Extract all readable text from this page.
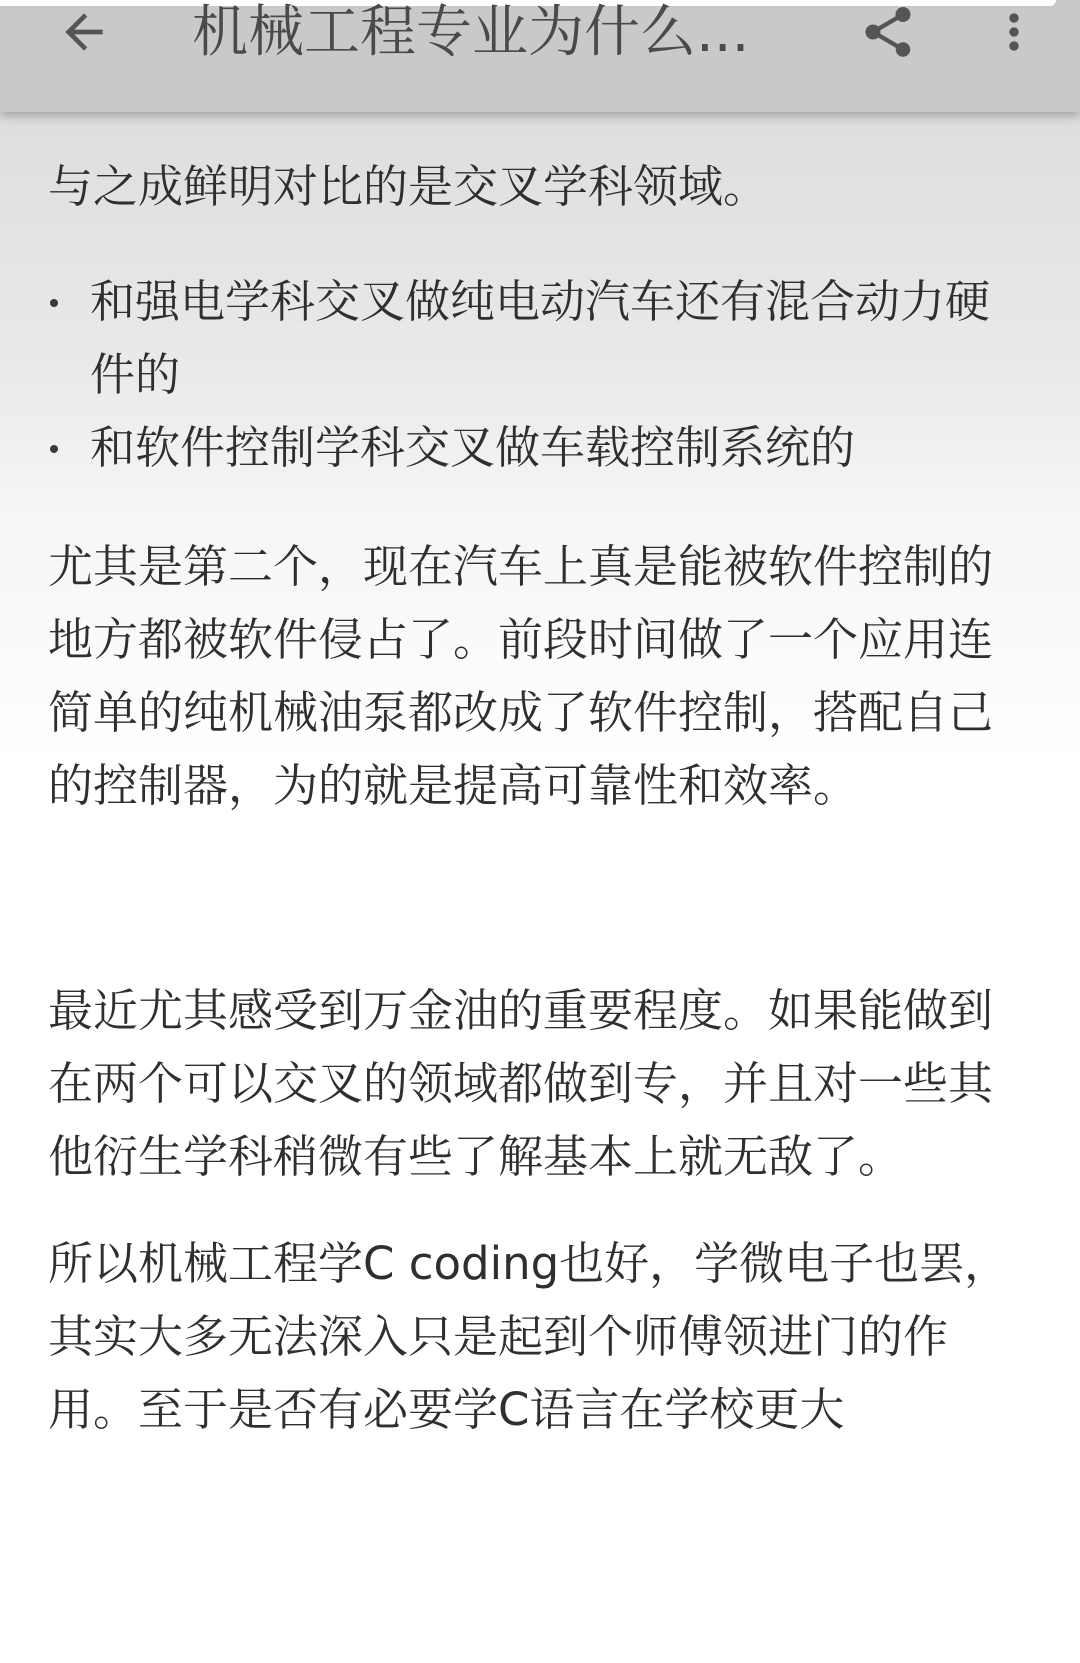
机械工程专业为什么...

与之成鲜明对比的是交叉学科领域。

和强电学科交叉做纯电动汽车还有混合动力硬件的
和软件控制学科交叉做车载控制系统的

尤其是第二个，现在汽车上真是能被软件控制的地方都被软件侵占了。前段时间做了一个应用连简单的纯机械油泵都改成了软件控制，搭配自己的控制器，为的就是提高可靠性和效率。

最近尤其感受到万金油的重要程度。如果能做到在两个可以交叉的领域都做到专，并且对一些其他衍生学科稍微有些了解基本上就无敌了。

所以机械工程学C coding也好，学微电子也罢，其实大多无法深入只是起到个师傅领进门的作用。至于是否有必要学C语言在学校更大
